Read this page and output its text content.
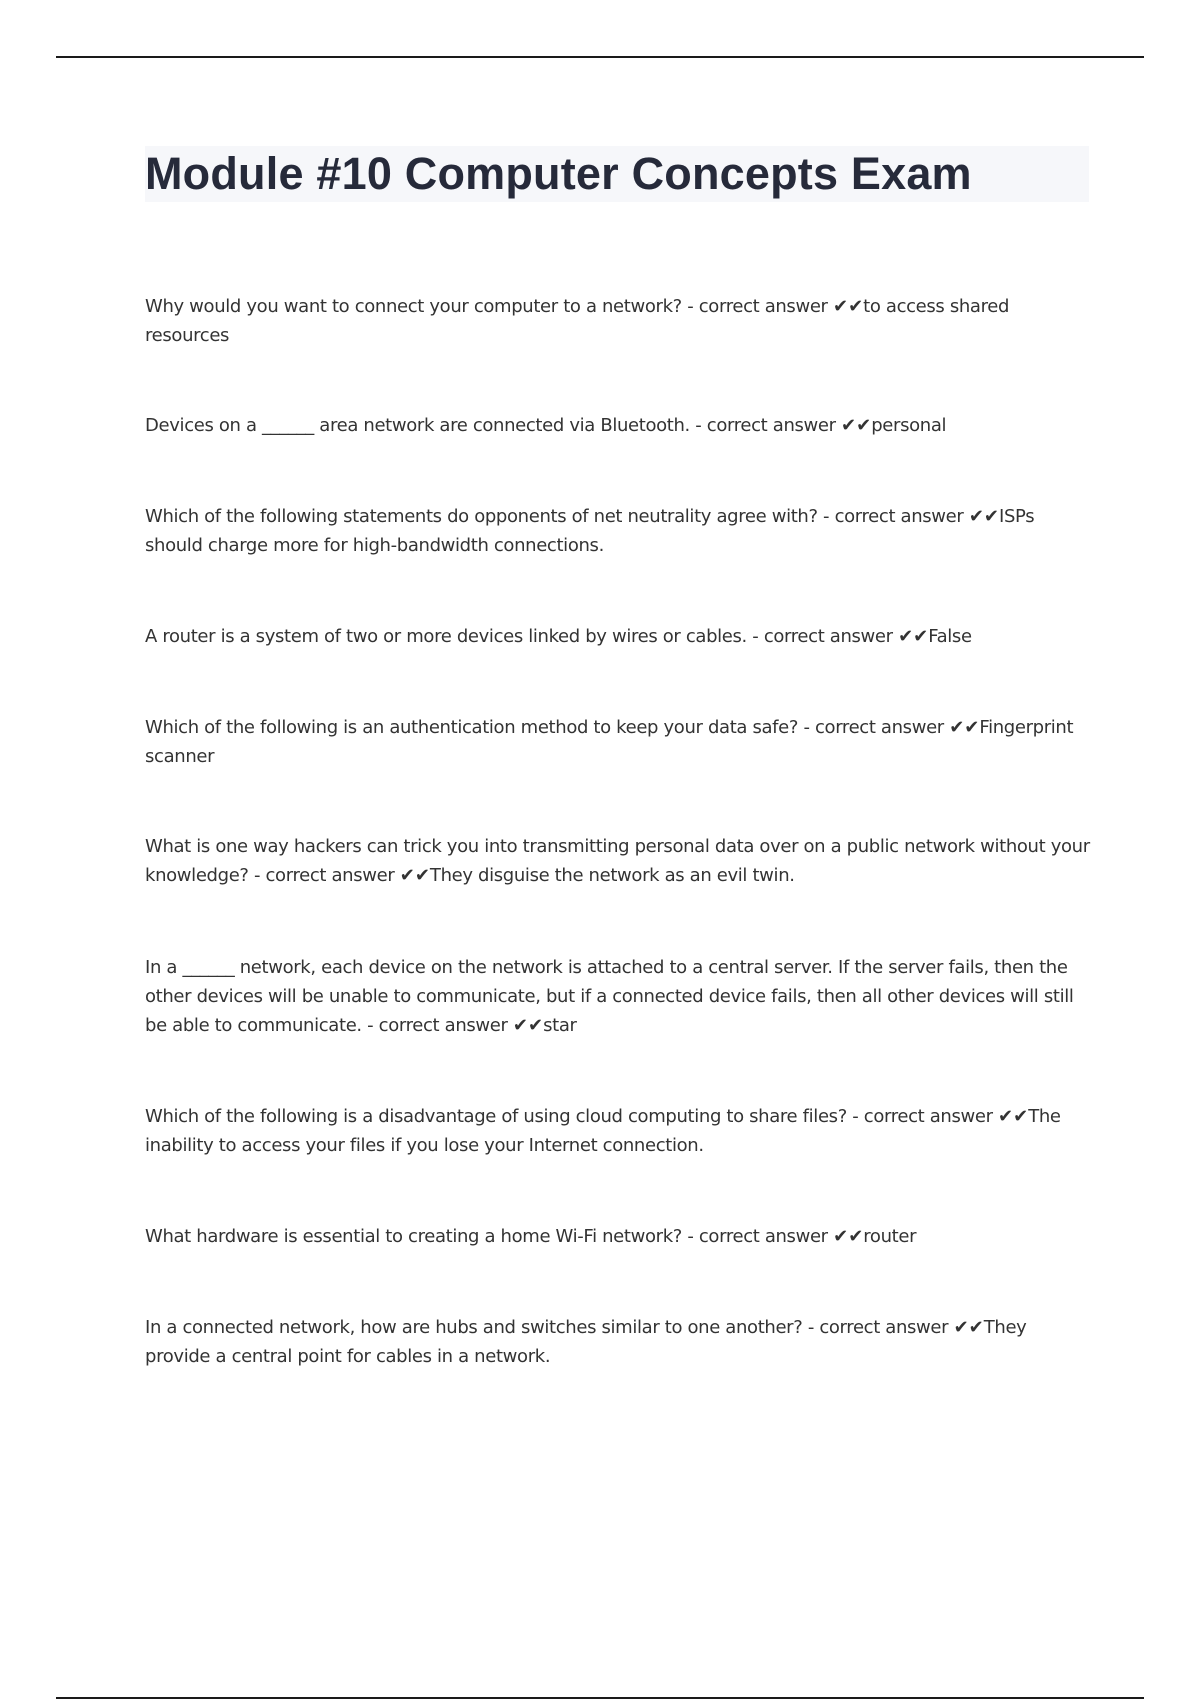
Module #10 Computer Concepts Exam

Why would you want to connect your computer to a network? - correct answer ✔✔to access shared resources

Devices on a ______ area network are connected via Bluetooth. - correct answer ✔✔personal

Which of the following statements do opponents of net neutrality agree with? - correct answer ✔✔ISPs should charge more for high-bandwidth connections.

A router is a system of two or more devices linked by wires or cables. - correct answer ✔✔False

Which of the following is an authentication method to keep your data safe? - correct answer ✔✔Fingerprint scanner

What is one way hackers can trick you into transmitting personal data over on a public network without your knowledge? - correct answer ✔✔They disguise the network as an evil twin.

In a ______ network, each device on the network is attached to a central server. If the server fails, then the other devices will be unable to communicate, but if a connected device fails, then all other devices will still be able to communicate. - correct answer ✔✔star

Which of the following is a disadvantage of using cloud computing to share files? - correct answer ✔✔The inability to access your files if you lose your Internet connection.

What hardware is essential to creating a home Wi-Fi network? - correct answer ✔✔router

In a connected network, how are hubs and switches similar to one another? - correct answer ✔✔They provide a central point for cables in a network.
